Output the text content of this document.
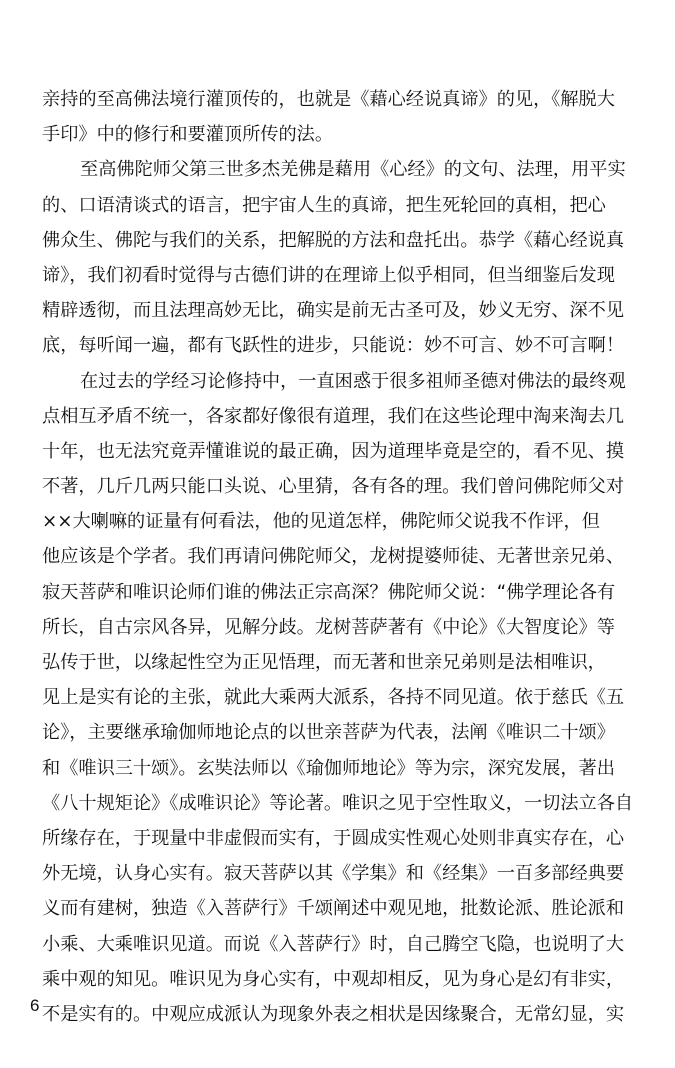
亲持的至高佛法境行灌顶传的，也就是《藉心经说真谛》的见，《解脱大
手印》中的修行和要灌顶所传的法。
至高佛陀师父第三世多杰羌佛是藉用《心经》的文句、法理，用平实
的、口语清谈式的语言，把宇宙人生的真谛，把生死轮回的真相，把心
佛众生、佛陀与我们的关系，把解脱的方法和盘托出。恭学《藉心经说真
谛》，我们初看时觉得与古德们讲的在理谛上似乎相同，但当细鉴后发现
精辟透彻，而且法理高妙无比，确实是前无古圣可及，妙义无穷、深不见
底，每听闻一遍，都有飞跃性的进步，只能说：妙不可言、妙不可言啊！
在过去的学经习论修持中，一直困惑于很多祖师圣德对佛法的最终观
点相互矛盾不统一，各家都好像很有道理，我们在这些论理中淘来淘去几
十年，也无法究竟弄懂谁说的最正确，因为道理毕竟是空的，看不见、摸
不著，几斤几两只能口头说、心里猜，各有各的理。我们曾问佛陀师父对
××大喇嘛的证量有何看法，他的见道怎样，佛陀师父说我不作评，但
他应该是个学者。我们再请问佛陀师父，龙树提婆师徒、无著世亲兄弟、
寂天菩萨和唯识论师们谁的佛法正宗高深？佛陀师父说：“佛学理论各有
所长，自古宗风各异，见解分歧。龙树菩萨著有《中论》《大智度论》等
弘传于世，以缘起性空为正见悟理，而无著和世亲兄弟则是法相唯识，
见上是实有论的主张，就此大乘两大派系，各持不同见道。依于慈氏《五
论》，主要继承瑜伽师地论点的以世亲菩萨为代表，法阐《唯识二十颂》
和《唯识三十颂》。玄奘法师以《瑜伽师地论》等为宗，深究发展，著出
《八十规矩论》《成唯识论》等论著。唯识之见于空性取义，一切法立各自
所缘存在，于现量中非虚假而实有，于圆成实性观心处则非真实存在，心
外无境，认身心实有。寂天菩萨以其《学集》和《经集》一百多部经典要
义而有建树，独造《入菩萨行》千颂阐述中观见地，批数论派、胜论派和
小乘、大乘唯识见道。而说《入菩萨行》时，自己腾空飞隐，也说明了大
乘中观的知见。唯识见为身心实有，中观却相反，见为身心是幻有非实，
不是实有的。中观应成派认为现象外表之相状是因缘聚合，无常幻显，实
6
